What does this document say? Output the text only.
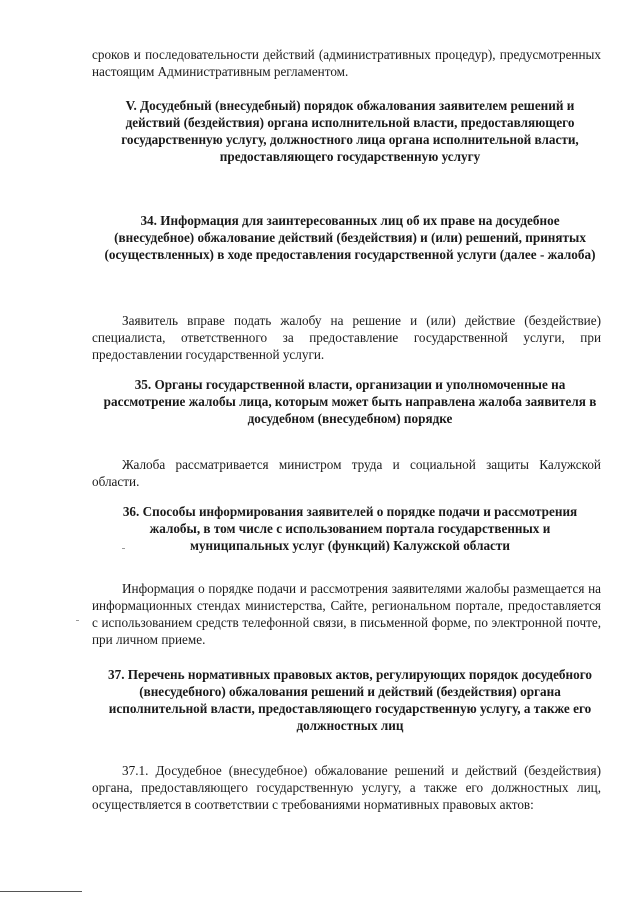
сроков и последовательности действий (административных процедур), предусмотренных настоящим Административным регламентом.

V. Досудебный (внесудебный) порядок обжалования заявителем решений и действий (бездействия) органа исполнительной власти, предоставляющего государственную услугу, должностного лица органа исполнительной власти, предоставляющего государственную услугу

34. Информация для заинтересованных лиц об их праве на досудебное (внесудебное) обжалование действий (бездействия) и (или) решений, принятых (осуществленных) в ходе предоставления государственной услуги (далее - жалоба)

Заявитель вправе подать жалобу на решение и (или) действие (бездействие) специалиста, ответственного за предоставление государственной услуги, при предоставлении государственной услуги.

35. Органы государственной власти, организации и уполномоченные на рассмотрение жалобы лица, которым может быть направлена жалоба заявителя в досудебном (внесудебном) порядке

Жалоба рассматривается министром труда и социальной защиты Калужской области.

36. Способы информирования заявителей о порядке подачи и рассмотрения жалобы, в том числе с использованием портала государственных и муниципальных услуг (функций) Калужской области

Информация о порядке подачи и рассмотрения заявителями жалобы размещается на информационных стендах министерства, Сайте, региональном портале, предоставляется с использованием средств телефонной связи, в письменной форме, по электронной почте, при личном приеме.

37. Перечень нормативных правовых актов, регулирующих порядок досудебного (внесудебного) обжалования решений и действий (бездействия) органа исполнительной власти, предоставляющего государственную услугу, а также его должностных лиц

37.1. Досудебное (внесудебное) обжалование решений и действий (бездействия) органа, предоставляющего государственную услугу, а также его должностных лиц, осуществляется в соответствии с требованиями нормативных правовых актов:
